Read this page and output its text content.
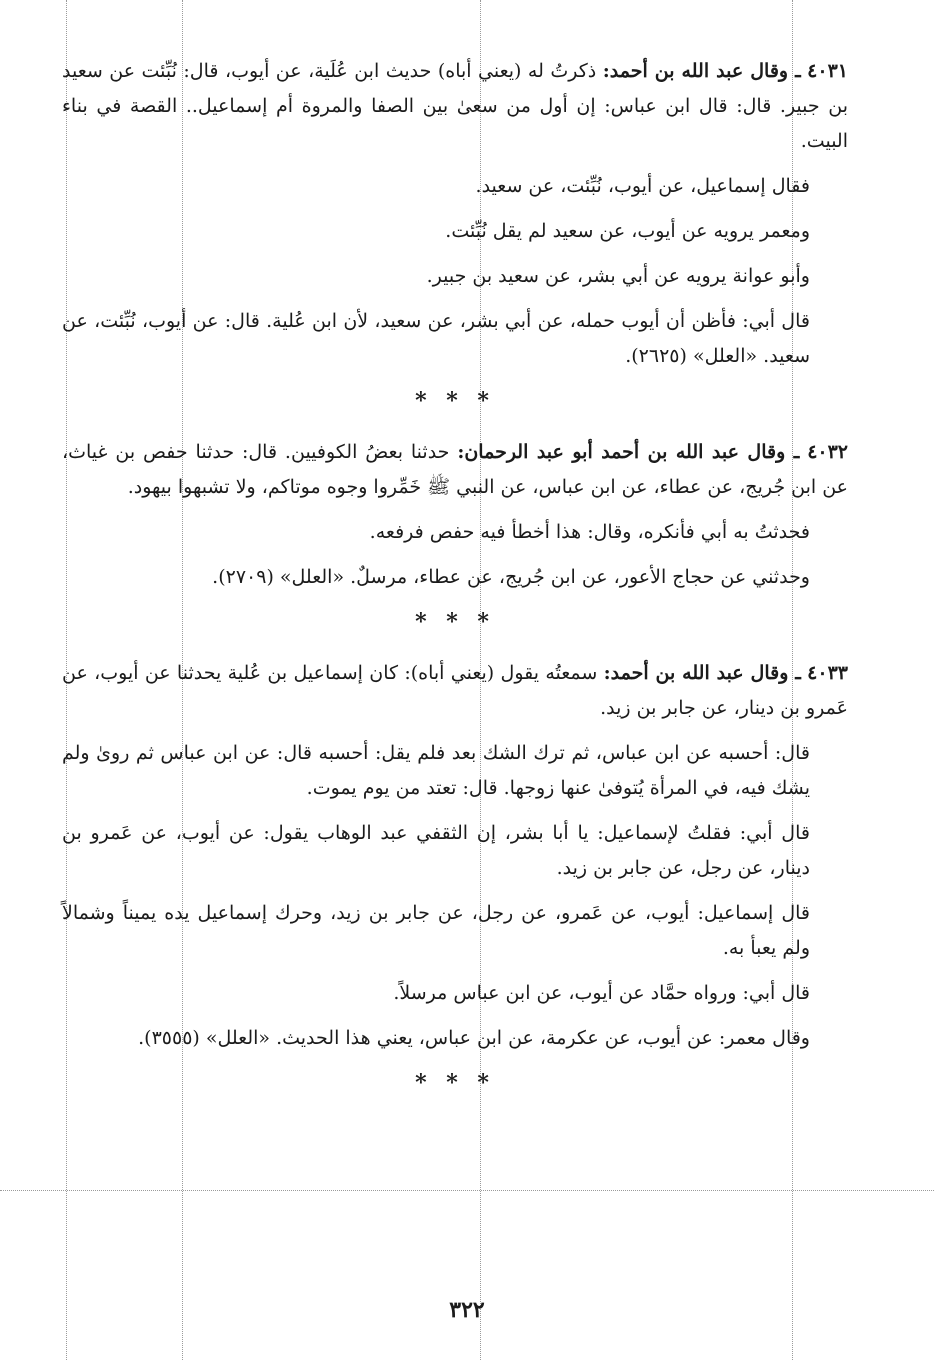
٤٠٣١ ـ وقال عبد الله بن أحمد: ذكرتُ له (يعني أباه) حديث ابن عُلَية، عن أيوب، قال: نُبِّئت عن سعيد بن جبير. قال: قال ابن عباس: إن أول من سعىٰ بين الصفا والمروة أم إسماعيل.. القصة في بناء البيت.

فقال إسماعيل، عن أيوب، نُبِّئت، عن سعيد.

ومعمر يرويه عن أيوب، عن سعيد لم يقل نُبِّئت.

وأبو عوانة يرويه عن أبي بشر، عن سعيد بن جبير.

قال أبي: فأظن أن أيوب حمله، عن أبي بشر، عن سعيد، لأن ابن عُلية. قال: عن أيوب، نُبِّئت، عن سعيد. «العلل» (٢٦٢٥).

* * *

٤٠٣٢ ـ وقال عبد الله بن أحمد أبو عبد الرحمان: حدثنا بعضُ الكوفيين. قال: حدثنا حفص بن غياث، عن ابن جُريج، عن عطاء، عن ابن عباس، عن النبي ﷺ خَمِّروا وجوه موتاكم، ولا تشبهوا بيهود.

فحدثتُ به أبي فأنكره، وقال: هذا أخطأ فيه حفص فرفعه.

وحدثني عن حجاج الأعور، عن ابن جُريج، عن عطاء، مرسلٌ. «العلل» (٢٧٠٩).

* * *

٤٠٣٣ ـ وقال عبد الله بن أحمد: سمعتُه يقول (يعني أباه): كان إسماعيل بن عُلية يحدثنا عن أيوب، عن عَمرو بن دينار، عن جابر بن زيد.

قال: أحسبه عن ابن عباس، ثم ترك الشك بعد فلم يقل: أحسبه قال: عن ابن عباس ثم روىٰ ولم يشك فيه، في المرأة يُتوفىٰ عنها زوجها. قال: تعتد من يوم يموت.

قال أبي: فقلتُ لإسماعيل: يا أبا بشر، إن الثقفي عبد الوهاب يقول: عن أيوب، عن عَمرو بن دينار، عن رجل، عن جابر بن زيد.

قال إسماعيل: أيوب، عن عَمرو، عن رجل، عن جابر بن زيد، وحرك إسماعيل يده يميناً وشمالاً ولم يعبأ به.

قال أبي: ورواه حمَّاد عن أيوب، عن ابن عباس مرسلاً.

وقال معمر: عن أيوب، عن عكرمة، عن ابن عباس، يعني هذا الحديث. «العلل» (٣٥٥٥).

* * *
٣٢٢
